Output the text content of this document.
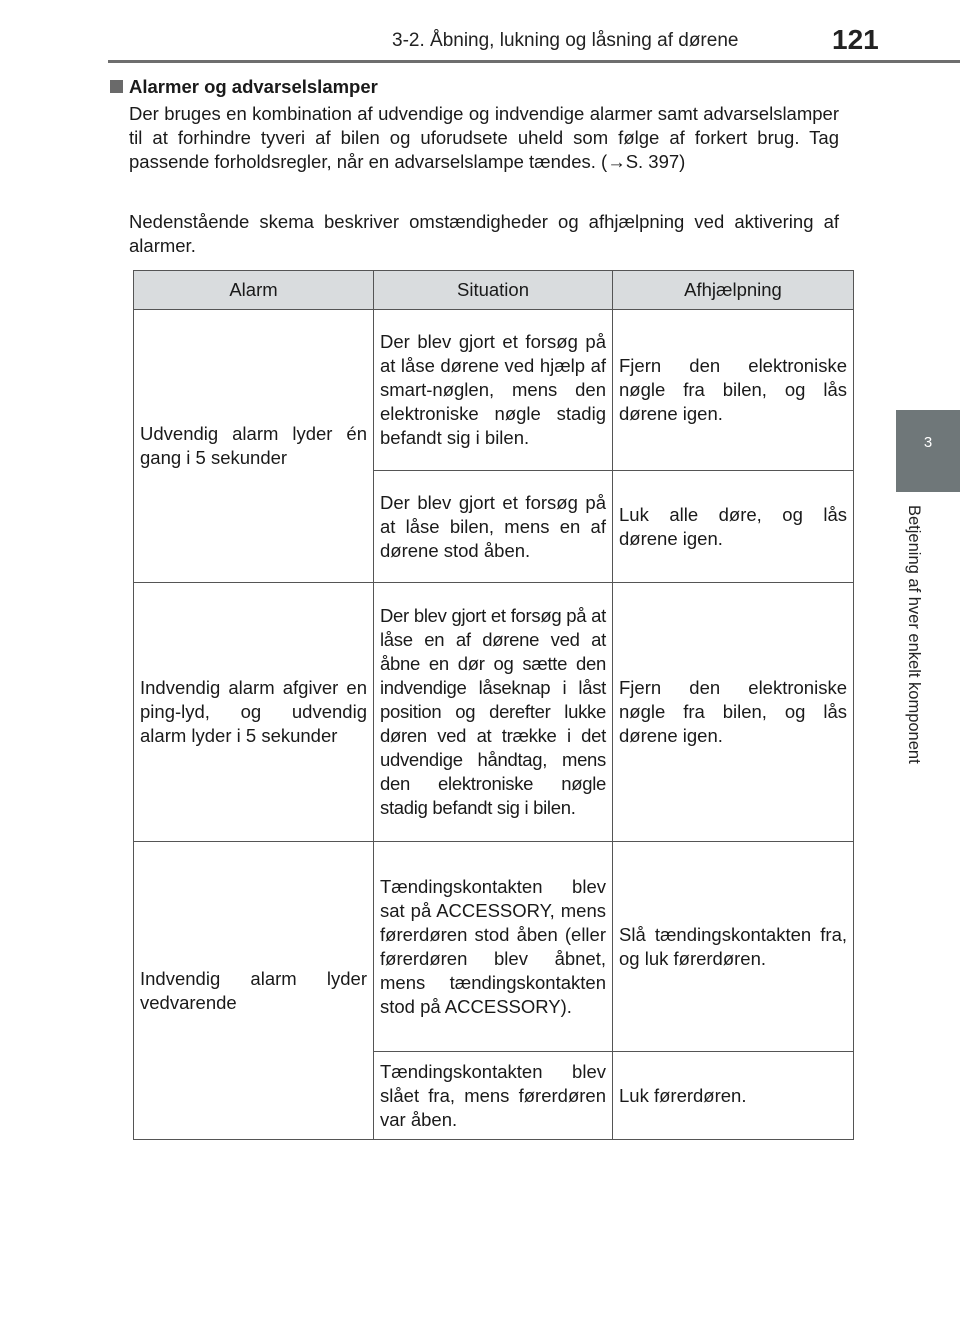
3-2. Åbning, lukning og låsning af dørene	121
3
Betjening af hver enkelt komponent
Alarmer og advarselslamper

Der bruges en kombination af udvendige og indvendige alarmer samt advarselslamper til at forhindre tyveri af bilen og uforudsete uheld som følge af forkert brug. Tag passende forholdsregler, når en advarselslampe tændes. (→S. 397)

Nedenstående skema beskriver omstændigheder og afhjælpning ved aktivering af alarmer.

Alarm	Situation	Afhjælpning
Udvendig alarm lyder én gang i 5 sekunder	Der blev gjort et forsøg på at låse dørene ved hjælp af smart-nøglen, mens den elektroniske nøgle stadig befandt sig i bilen.	Fjern den elektroniske nøgle fra bilen, og lås dørene igen.
	Der blev gjort et forsøg på at låse bilen, mens en af dørene stod åben.	Luk alle døre, og lås dørene igen.
Indvendig alarm afgiver en ping-lyd, og udvendig alarm lyder i 5 sekunder	Der blev gjort et forsøg på at låse en af dørene ved at åbne en dør og sætte den indvendige låseknap i låst position og derefter lukke døren ved at trække i det udvendige håndtag, mens den elektroniske nøgle stadig befandt sig i bilen.	Fjern den elektroniske nøgle fra bilen, og lås dørene igen.
Indvendig alarm lyder vedvarende	Tændingskontakten blev sat på ACCESSORY, mens førerdøren stod åben (eller førerdøren blev åbnet, mens tændingskontakten stod på ACCESSORY).	Slå tændingskontakten fra, og luk førerdøren.
	Tændingskontakten blev slået fra, mens førerdøren var åben.	Luk førerdøren.
